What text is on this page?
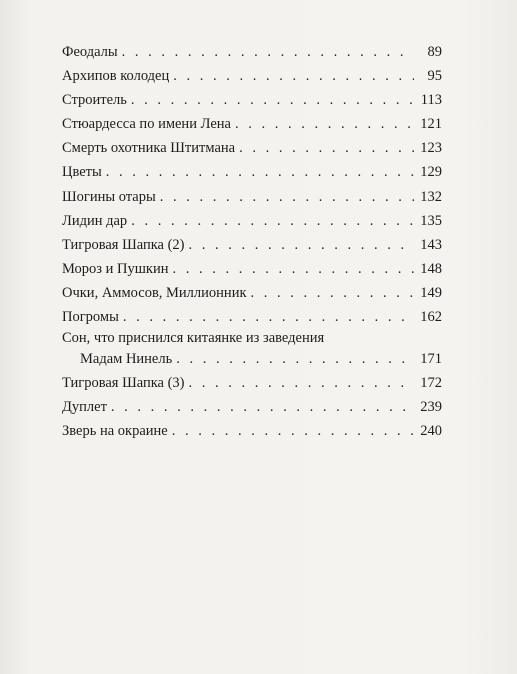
Феодалы . . .	89
Архипов колодец . . .	95
Строитель . . .	113
Стюардесса по имени Лена . . .	121
Смерть охотника Штитмана . . .	123
Цветы . . .	129
Шогины отары . . .	132
Лидин дар . . .	135
Тигровая Шапка (2) . . .	143
Мороз и Пушкин . . .	148
Очки, Аммосов, Миллионник . . .	149
Погромы . . .	162
Сон, что приснился китаянке из заведения
Мадам Нинель . . .	171
Тигровая Шапка (3) . . .	172
Дуплет . . .	239
Зверь на окраине . . .	240
